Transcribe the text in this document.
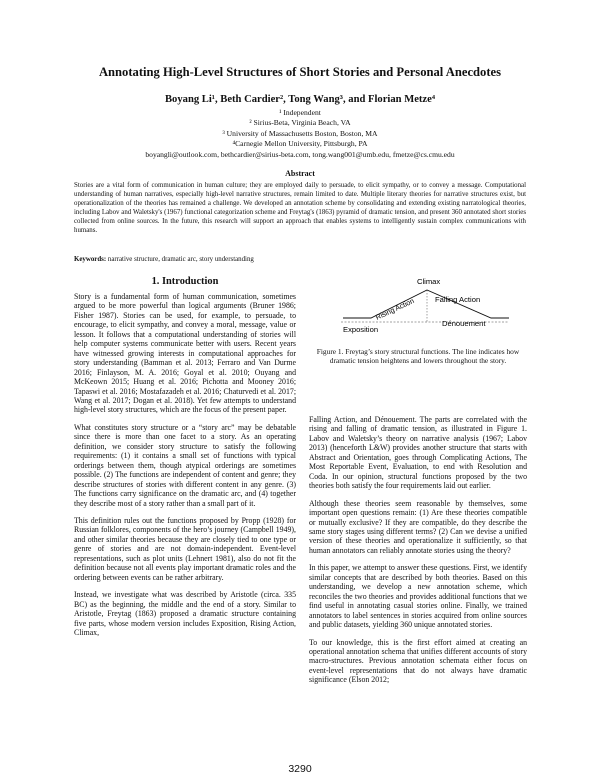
Annotating High-Level Structures of Short Stories and Personal Anecdotes
Boyang Li¹, Beth Cardier², Tong Wang³, and Florian Metze⁴
¹ Independent
² Sirius-Beta, Virginia Beach, VA
³ University of Massachusetts Boston, Boston, MA
⁴Carnegie Mellon University, Pittsburgh, PA
boyangli@outlook.com, bethcardier@sirius-beta.com, tong.wang001@umb.edu, fmetze@cs.cmu.edu
Abstract
Stories are a vital form of communication in human culture; they are employed daily to persuade, to elicit sympathy, or to convey a message. Computational understanding of human narratives, especially high-level narrative structures, remain limited to date. Multiple literary theories for narrative structures exist, but operationalization of the theories has remained a challenge. We developed an annotation scheme by consolidating and extending existing narratological theories, including Labov and Waletsky's (1967) functional categorization scheme and Freytag's (1863) pyramid of dramatic tension, and present 360 annotated short stories collected from online sources. In the future, this research will support an approach that enables systems to intelligently sustain complex communications with humans.
Keywords: narrative structure, dramatic arc, story understanding
1. Introduction

Story is a fundamental form of human communication, sometimes argued to be more powerful than logical arguments (Bruner 1986; Fisher 1987). Stories can be used, for example, to persuade, to encourage, to elicit sympathy, and convey a moral, message, value or lesson. It follows that a computational understanding of stories will help computer systems communicate better with users. Recent years have witnessed growing interests in computational approaches for story understanding (Bamman et al. 2013; Ferraro and Van Durme 2016; Finlayson, M. A. 2016; Goyal et al. 2010; Ouyang and McKeown 2015; Huang et al. 2016; Pichotta and Mooney 2016; Tapaswi et al. 2016; Mostafazadeh et al. 2016; Chaturvedi et al. 2017; Wang et al. 2017; Dogan et al. 2018). Yet few attempts to understand high-level story structures, which are the focus of the present paper.

What constitutes story structure or a “story arc” may be debatable since there is more than one facet to a story. As an operating definition, we consider story structure to satisfy the following requirements: (1) it contains a small set of functions with typical orderings between them, though atypical orderings are sometimes possible. (2) The functions are independent of content and genre; they describe structures of stories with different content in any genre. (3) The functions carry significance on the dramatic arc, and (4) together they describe most of a story rather than a small part of it.

This definition rules out the functions proposed by Propp (1928) for Russian folklores, components of the hero’s journey (Campbell 1949), and other similar theories because they are closely tied to one type or genre of stories and are not domain-independent. Event-level representations, such as plot units (Lehnert 1981), also do not fit the definition because not all events play important dramatic roles and the ordering between events can be rather arbitrary.

Instead, we investigate what was described by Aristotle (circa. 335 BC) as the beginning, the middle and the end of a story. Similar to Aristotle, Freytag (1863) proposed a dramatic structure containing five parts, whose modern version includes Exposition, Rising Action, Climax,

Climax
Rising Action	Falling Action
Dénouement
Exposition
Figure 1. Freytag’s story structural functions. The line indicates how dramatic tension heightens and lowers throughout the story.

Falling Action, and Dénouement. The parts are correlated with the rising and falling of dramatic tension, as illustrated in Figure 1. Labov and Waletsky’s theory on narrative analysis (1967; Labov 2013) (henceforth L&W) provides another structure that starts with Abstract and Orientation, goes through Complicating Actions, The Most Reportable Event, Evaluation, to end with Resolution and Coda. In our opinion, structural functions proposed by the two theories both satisfy the four requirements laid out earlier.

Although these theories seem reasonable by themselves, some important open questions remain: (1) Are these theories compatible or mutually exclusive? If they are compatible, do they describe the same story stages using different terms? (2) Can we devise a unified version of these theories and operationalize it sufficiently, so that human annotators can reliably annotate stories using the theory?

In this paper, we attempt to answer these questions. First, we identify similar concepts that are described by both theories. Based on this understanding, we develop a new annotation scheme, which reconciles the two theories and provides additional functions that we find useful in annotating casual stories online. Finally, we trained annotators to label sentences in stories acquired from online sources and public datasets, yielding 360 unique annotated stories.

To our knowledge, this is the first effort aimed at creating an operational annotation schema that unifies different accounts of story macro-structures. Previous annotation schemata either focus on event-level representations that do not always have dramatic significance (Elson 2012;

3290
